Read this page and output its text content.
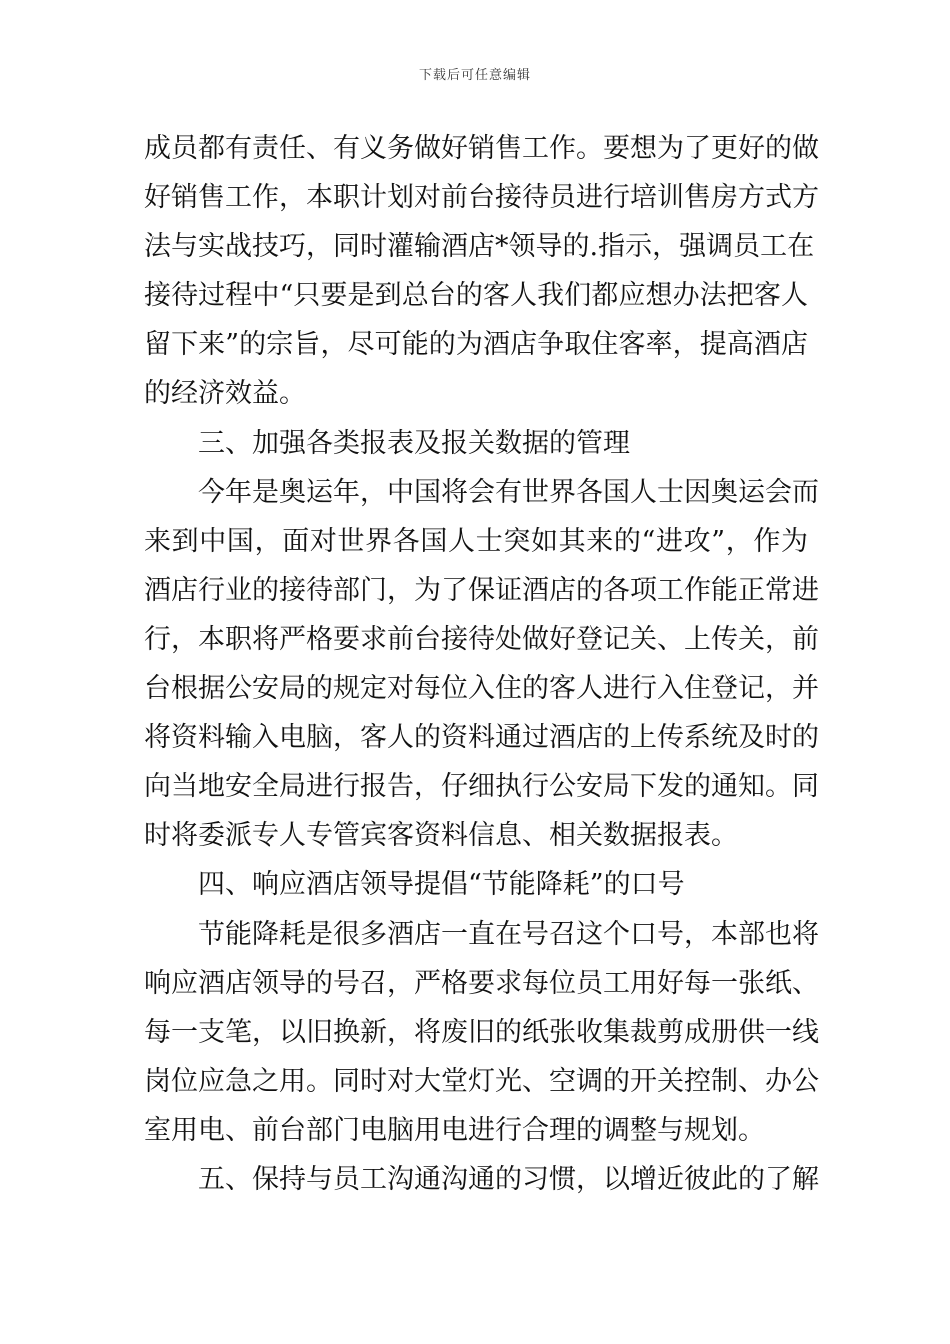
下载后可任意编辑
成员都有责任、有义务做好销售工作。要想为了更好的做
好销售工作，本职计划对前台接待员进行培训售房方式方
法与实战技巧，同时灌输酒店*领导的.指示，强调员工在
接待过程中“只要是到总台的客人我们都应想办法把客人
留下来”的宗旨，尽可能的为酒店争取住客率，提高酒店
的经济效益。
三、加强各类报表及报关数据的管理
今年是奥运年，中国将会有世界各国人士因奥运会而
来到中国，面对世界各国人士突如其来的“进攻”，作为
酒店行业的接待部门，为了保证酒店的各项工作能正常进
行，本职将严格要求前台接待处做好登记关、上传关，前
台根据公安局的规定对每位入住的客人进行入住登记，并
将资料输入电脑，客人的资料通过酒店的上传系统及时的
向当地安全局进行报告，仔细执行公安局下发的通知。同
时将委派专人专管宾客资料信息、相关数据报表。
四、响应酒店领导提倡“节能降耗”的口号
节能降耗是很多酒店一直在号召这个口号，本部也将
响应酒店领导的号召，严格要求每位员工用好每一张纸、
每一支笔，以旧换新，将废旧的纸张收集裁剪成册供一线
岗位应急之用。同时对大堂灯光、空调的开关控制、办公
室用电、前台部门电脑用电进行合理的调整与规划。
五、保持与员工沟通沟通的习惯，以增近彼此的了解
